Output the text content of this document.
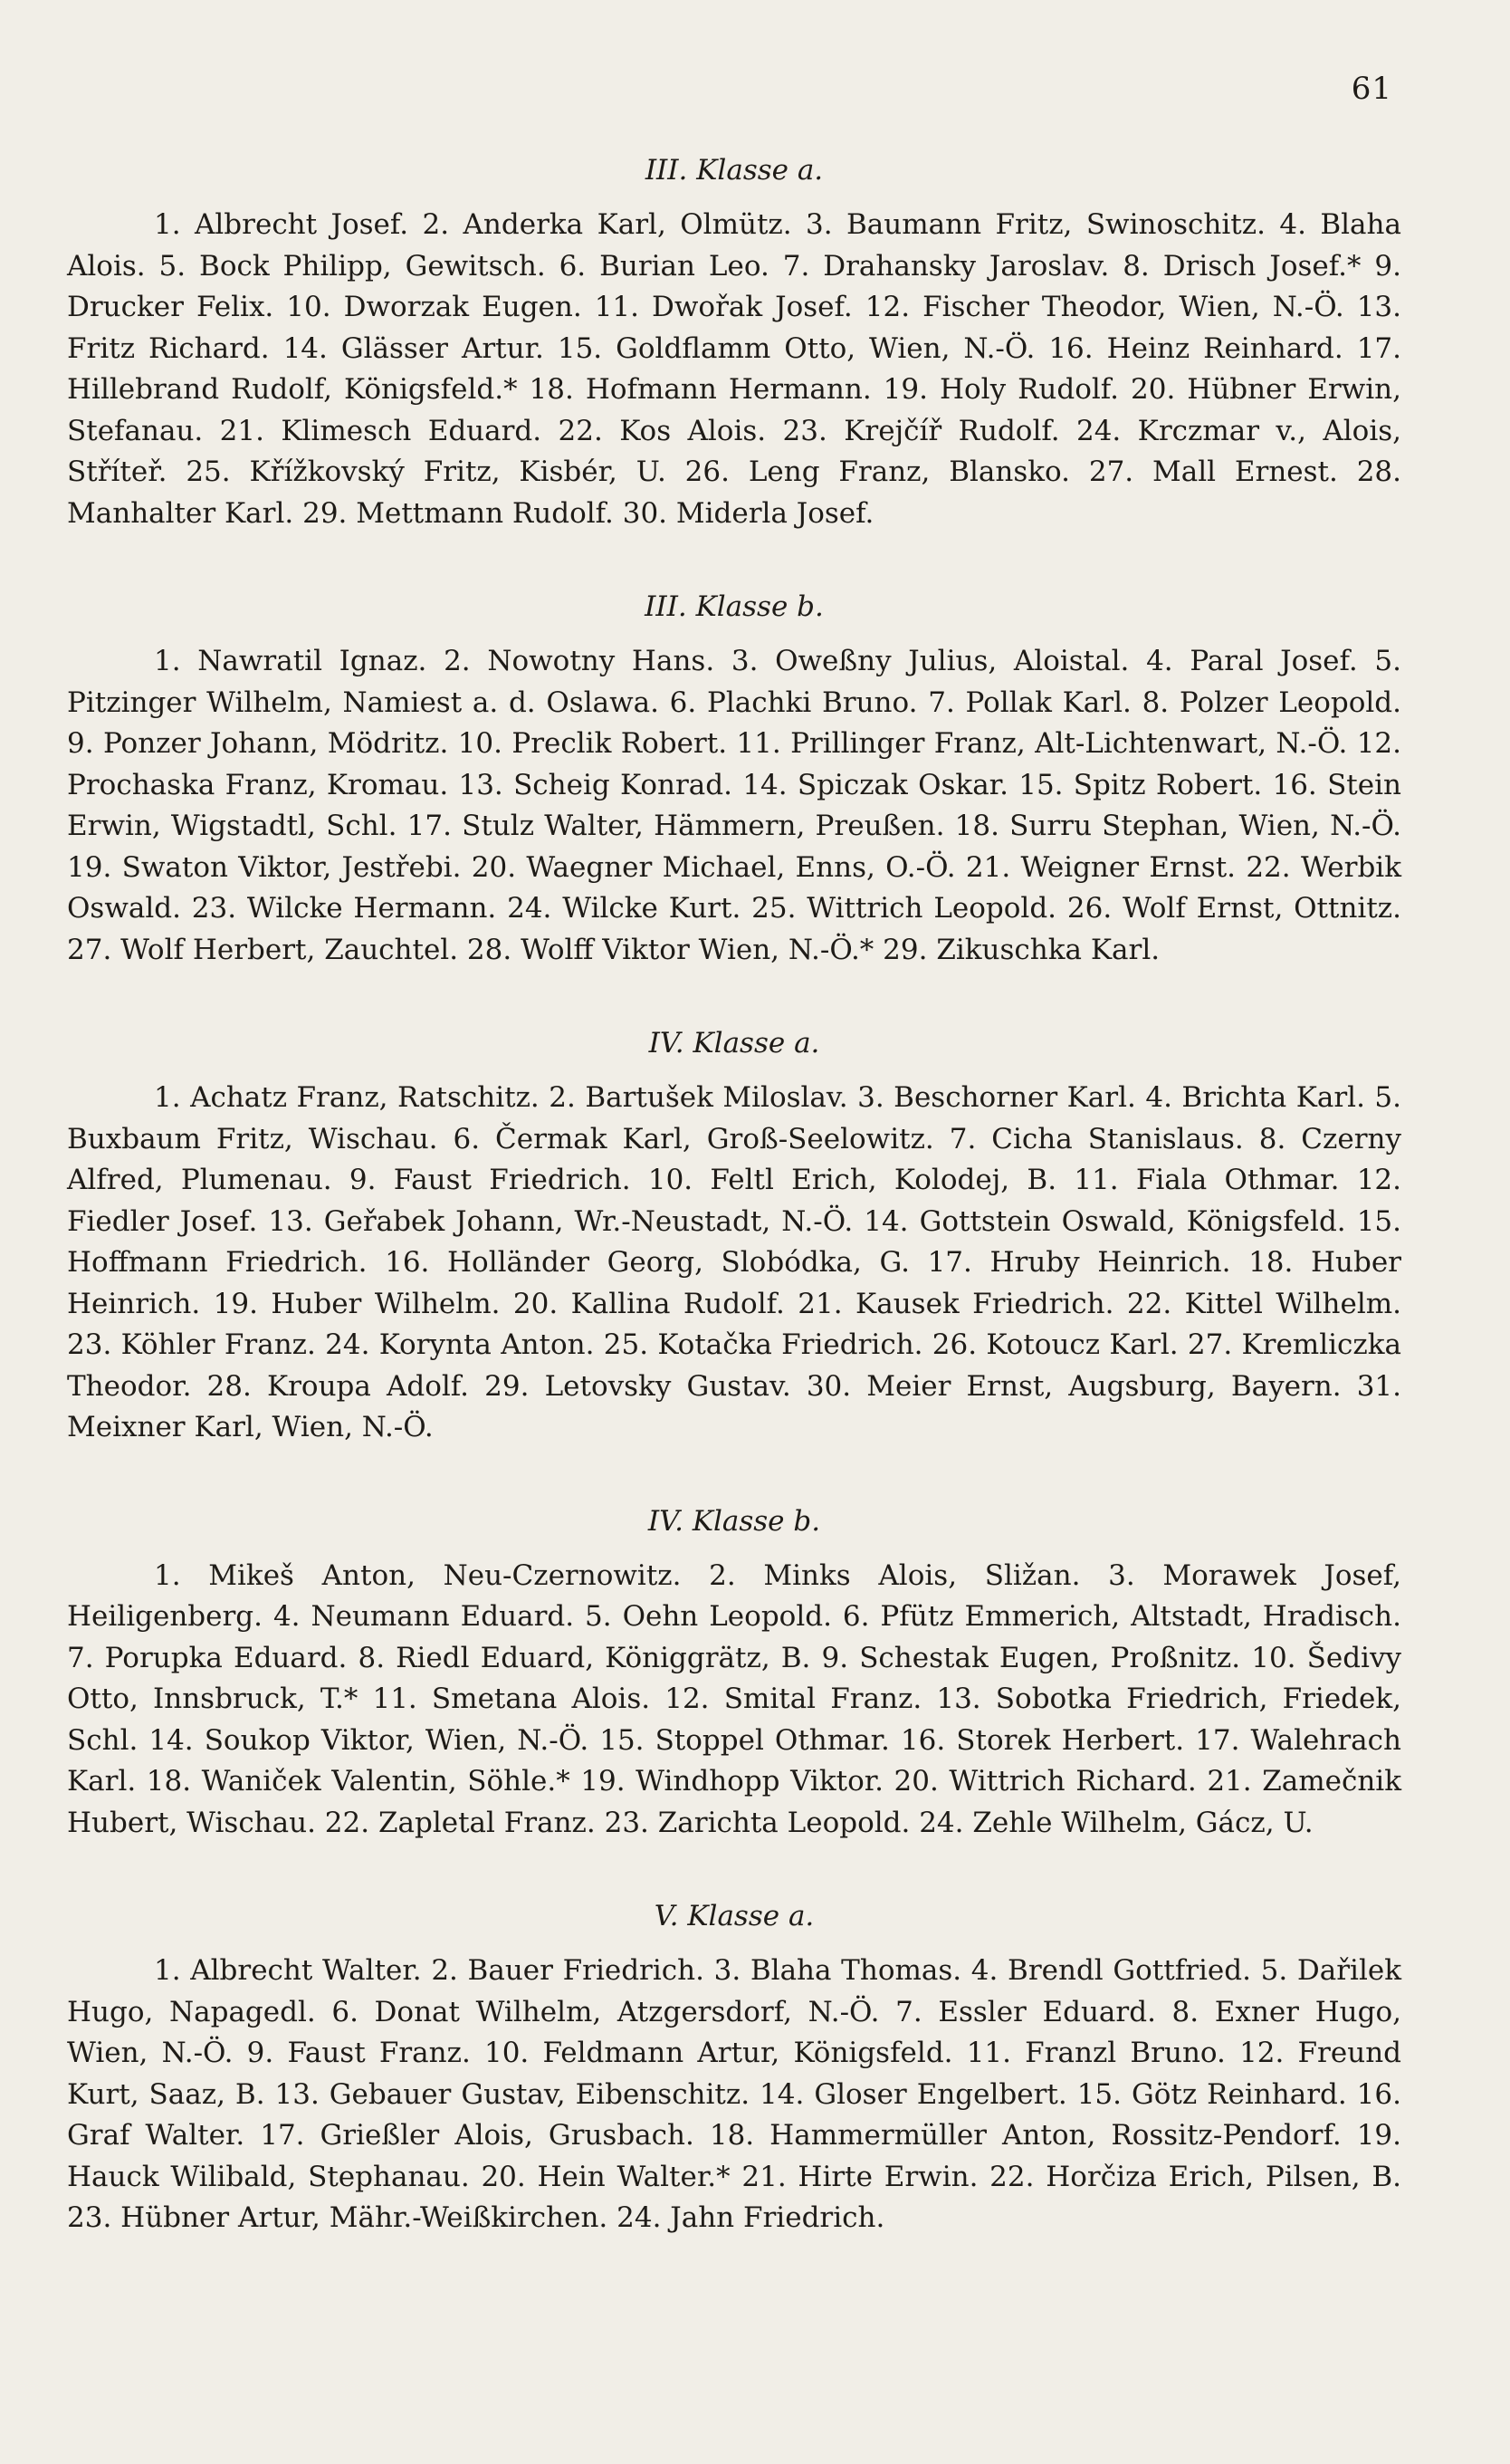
61
III. Klasse a.
1. Albrecht Josef. 2. Anderka Karl, Olmütz. 3. Baumann Fritz, Swinoschitz. 4. Blaha Alois. 5. Bock Philipp, Gewitsch. 6. Burian Leo. 7. Drahansky Jaroslav. 8. Drisch Josef.* 9. Drucker Felix. 10. Dworzak Eugen. 11. Dwořak Josef. 12. Fischer Theodor, Wien, N.-Ö. 13. Fritz Richard. 14. Glässer Artur. 15. Goldflamm Otto, Wien, N.-Ö. 16. Heinz Reinhard. 17. Hillebrand Rudolf, Königsfeld.* 18. Hofmann Hermann. 19. Holy Rudolf. 20. Hübner Erwin, Stefanau. 21. Klimesch Eduard. 22. Kos Alois. 23. Krejčíř Rudolf. 24. Krczmar v., Alois, Stříteř. 25. Křížkovský Fritz, Kisbér, U. 26. Leng Franz, Blansko. 27. Mall Ernest. 28. Manhalter Karl. 29. Mettmann Rudolf. 30. Miderla Josef.
III. Klasse b.
1. Nawratil Ignaz. 2. Nowotny Hans. 3. Oweßny Julius, Aloistal. 4. Paral Josef. 5. Pitzinger Wilhelm, Namiest a. d. Oslawa. 6. Plachki Bruno. 7. Pollak Karl. 8. Polzer Leopold. 9. Ponzer Johann, Mödritz. 10. Preclik Robert. 11. Prillinger Franz, Alt-Lichtenwart, N.-Ö. 12. Prochaska Franz, Kromau. 13. Scheig Konrad. 14. Spiczak Oskar. 15. Spitz Robert. 16. Stein Erwin, Wigstadtl, Schl. 17. Stulz Walter, Hämmern, Preußen. 18. Surru Stephan, Wien, N.-Ö. 19. Swaton Viktor, Jestřebi. 20. Waegner Michael, Enns, O.-Ö. 21. Weigner Ernst. 22. Werbik Oswald. 23. Wilcke Hermann. 24. Wilcke Kurt. 25. Wittrich Leopold. 26. Wolf Ernst, Ottnitz. 27. Wolf Herbert, Zauchtel. 28. Wolff Viktor Wien, N.-Ö.* 29. Zikuschka Karl.
IV. Klasse a.
1. Achatz Franz, Ratschitz. 2. Bartušek Miloslav. 3. Beschorner Karl. 4. Brichta Karl. 5. Buxbaum Fritz, Wischau. 6. Čermak Karl, Groß-Seelowitz. 7. Cicha Stanislaus. 8. Czerny Alfred, Plumenau. 9. Faust Friedrich. 10. Feltl Erich, Kolodej, B. 11. Fiala Othmar. 12. Fiedler Josef. 13. Geřabek Johann, Wr.-Neustadt, N.-Ö. 14. Gottstein Oswald, Königsfeld. 15. Hoffmann Friedrich. 16. Holländer Georg, Slobódka, G. 17. Hruby Heinrich. 18. Huber Heinrich. 19. Huber Wilhelm. 20. Kallina Rudolf. 21. Kausek Friedrich. 22. Kittel Wilhelm. 23. Köhler Franz. 24. Korynta Anton. 25. Kotačka Friedrich. 26. Kotoucz Karl. 27. Kremliczka Theodor. 28. Kroupa Adolf. 29. Letovsky Gustav. 30. Meier Ernst, Augsburg, Bayern. 31. Meixner Karl, Wien, N.-Ö.
IV. Klasse b.
1. Mikeš Anton, Neu-Czernowitz. 2. Minks Alois, Sližan. 3. Morawek Josef, Heiligenberg. 4. Neumann Eduard. 5. Oehn Leopold. 6. Pfütz Emmerich, Altstadt, Hradisch. 7. Porupka Eduard. 8. Riedl Eduard, Königgrätz, B. 9. Schestak Eugen, Proßnitz. 10. Šedivy Otto, Innsbruck, T.* 11. Smetana Alois. 12. Smital Franz. 13. Sobotka Friedrich, Friedek, Schl. 14. Soukop Viktor, Wien, N.-Ö. 15. Stoppel Othmar. 16. Storek Herbert. 17. Walehrach Karl. 18. Waniček Valentin, Söhle.* 19. Windhopp Viktor. 20. Wittrich Richard. 21. Zamečnik Hubert, Wischau. 22. Zapletal Franz. 23. Zarichta Leopold. 24. Zehle Wilhelm, Gácz, U.
V. Klasse a.
1. Albrecht Walter. 2. Bauer Friedrich. 3. Blaha Thomas. 4. Brendl Gottfried. 5. Dařilek Hugo, Napagedl. 6. Donat Wilhelm, Atzgersdorf, N.-Ö. 7. Essler Eduard. 8. Exner Hugo, Wien, N.-Ö. 9. Faust Franz. 10. Feldmann Artur, Königsfeld. 11. Franzl Bruno. 12. Freund Kurt, Saaz, B. 13. Gebauer Gustav, Eibenschitz. 14. Gloser Engelbert. 15. Götz Reinhard. 16. Graf Walter. 17. Grießler Alois, Grusbach. 18. Hammermüller Anton, Rossitz-Pendorf. 19. Hauck Wilibald, Stephanau. 20. Hein Walter.* 21. Hirte Erwin. 22. Horčiza Erich, Pilsen, B. 23. Hübner Artur, Mähr.-Weißkirchen. 24. Jahn Friedrich.
